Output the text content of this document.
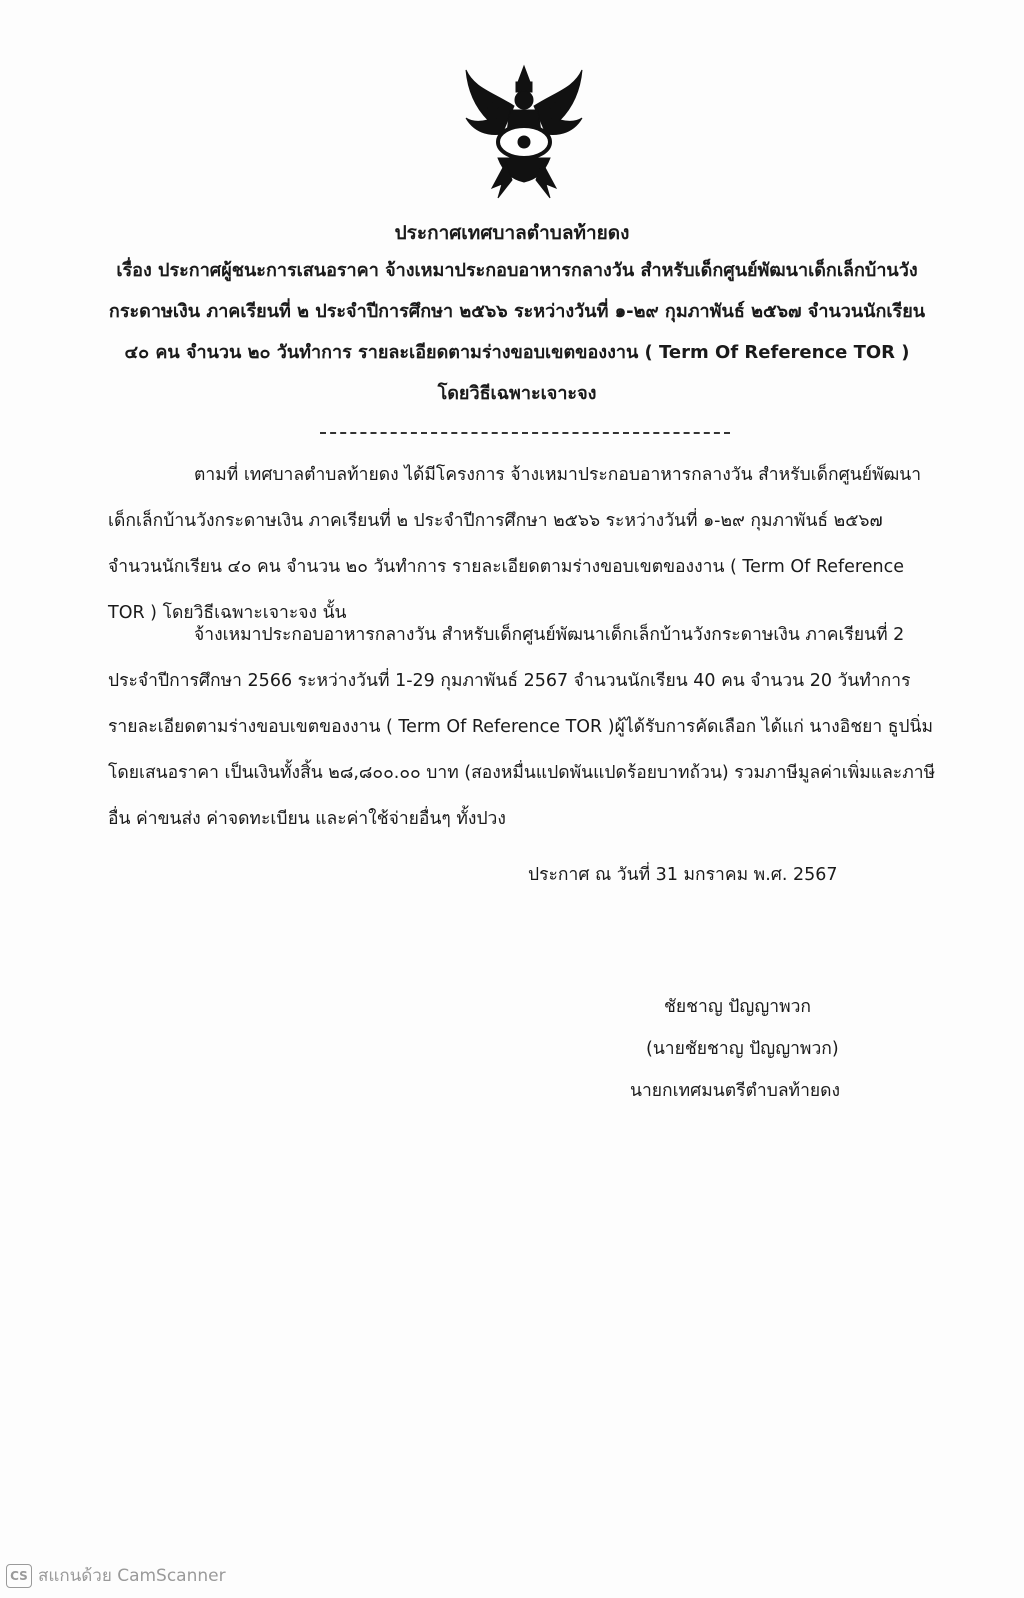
ประกาศเทศบาลตำบลท้ายดง

เรื่อง ประกาศผู้ชนะการเสนอราคา จ้างเหมาประกอบอาหารกลางวัน สำหรับเด็กศูนย์พัฒนาเด็กเล็กบ้านวังกระดาษเงิน ภาคเรียนที่ ๒ ประจำปีการศึกษา ๒๕๖๖ ระหว่างวันที่ ๑-๒๙ กุมภาพันธ์ ๒๕๖๗ จำนวนนักเรียน ๔๐ คน จำนวน ๒๐ วันทำการ รายละเอียดตามร่างขอบเขตของงาน ( Term Of Reference TOR ) โดยวิธีเฉพาะเจาะจง

ตามที่ เทศบาลตำบลท้ายดง ได้มีโครงการ จ้างเหมาประกอบอาหารกลางวัน สำหรับเด็กศูนย์พัฒนาเด็กเล็กบ้านวังกระดาษเงิน ภาคเรียนที่ ๒ ประจำปีการศึกษา ๒๕๖๖ ระหว่างวันที่ ๑-๒๙ กุมภาพันธ์ ๒๕๖๗ จำนวนนักเรียน ๔๐ คน จำนวน ๒๐ วันทำการ รายละเอียดตามร่างขอบเขตของงาน ( Term Of Reference TOR ) โดยวิธีเฉพาะเจาะจง นั้น

จ้างเหมาประกอบอาหารกลางวัน สำหรับเด็กศูนย์พัฒนาเด็กเล็กบ้านวังกระดาษเงิน ภาคเรียนที่ 2 ประจำปีการศึกษา 2566 ระหว่างวันที่ 1-29 กุมภาพันธ์ 2567 จำนวนนักเรียน 40 คน จำนวน 20 วันทำการ รายละเอียดตามร่างขอบเขตของงาน ( Term Of Reference TOR )ผู้ได้รับการคัดเลือก ได้แก่ นางอิชยา ธูปนิ่ม โดยเสนอราคา เป็นเงินทั้งสิ้น ๒๘,๘๐๐.๐๐ บาท (สองหมื่นแปดพันแปดร้อยบาทถ้วน) รวมภาษีมูลค่าเพิ่มและภาษีอื่น ค่าขนส่ง ค่าจดทะเบียน และค่าใช้จ่ายอื่นๆ ทั้งปวง

ประกาศ ณ วันที่ 31 มกราคม พ.ศ. 2567

ชัยชาญ ปัญญาพวก

(นายชัยชาญ ปัญญาพวก)

นายกเทศมนตรีตำบลท้ายดง

CS สแกนด้วย CamScanner
